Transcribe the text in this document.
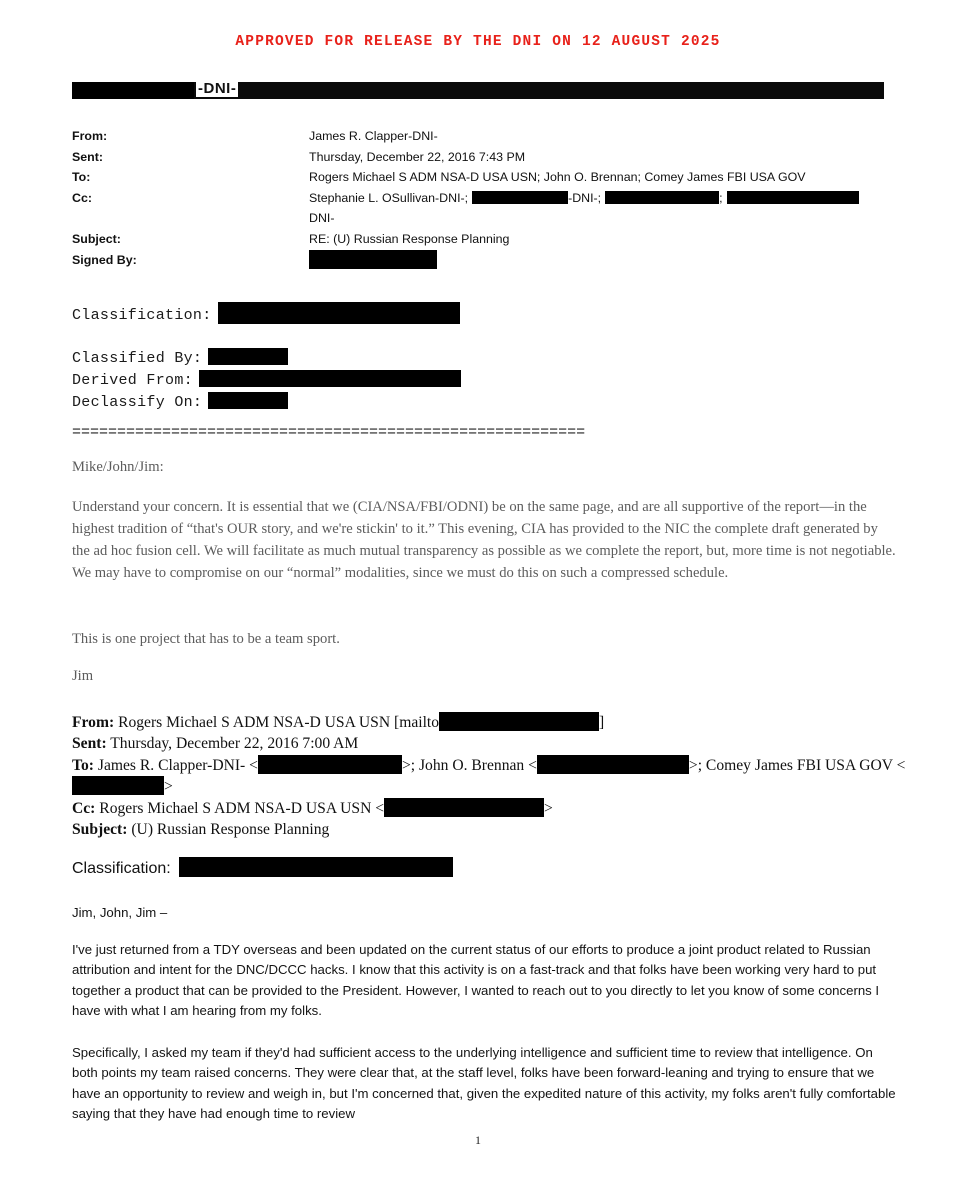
APPROVED FOR RELEASE BY THE DNI ON 12 AUGUST 2025
-DNI-
From:	James R. Clapper-DNI-
Sent:	Thursday, December 22, 2016 7:43 PM
To:	Rogers Michael S ADM NSA-D USA USN; John O. Brennan; Comey James FBI USA GOV
Cc:	Stephanie L. OSullivan-DNI-;	-DNI-;	;
DNI-
Subject:	RE: (U) Russian Response Planning
Signed By:
Classification:
Classified By:
Derived From:
Declassify On:
=========================================================
Mike/John/Jim:
Understand your concern. It is essential that we (CIA/NSA/FBI/ODNI) be on the same page, and are all supportive of the report—in the highest tradition of “that's OUR story, and we're stickin' to it.” This evening, CIA has provided to the NIC the complete draft generated by the ad hoc fusion cell. We will facilitate as much mutual transparency as possible as we complete the report, but, more time is not negotiable. We may have to compromise on our “normal” modalities, since we must do this on such a compressed schedule.
This is one project that has to be a team sport.
Jim
From: Rogers Michael S ADM NSA-D USA USN [mailto	]
Sent: Thursday, December 22, 2016 7:00 AM
To: James R. Clapper-DNI- <	>; John O. Brennan <	>; Comey James FBI USA GOV <>
Cc: Rogers Michael S ADM NSA-D USA USN <	>
Subject: (U) Russian Response Planning
Classification:
Jim, John, Jim –
I've just returned from a TDY overseas and been updated on the current status of our efforts to produce a joint product related to Russian attribution and intent for the DNC/DCCC hacks. I know that this activity is on a fast-track and that folks have been working very hard to put together a product that can be provided to the President. However, I wanted to reach out to you directly to let you know of some concerns I have with what I am hearing from my folks.
Specifically, I asked my team if they'd had sufficient access to the underlying intelligence and sufficient time to review that intelligence. On both points my team raised concerns. They were clear that, at the staff level, folks have been forward-leaning and trying to ensure that we have an opportunity to review and weigh in, but I'm concerned that, given the expedited nature of this activity, my folks aren't fully comfortable saying that they have had enough time to review
1
